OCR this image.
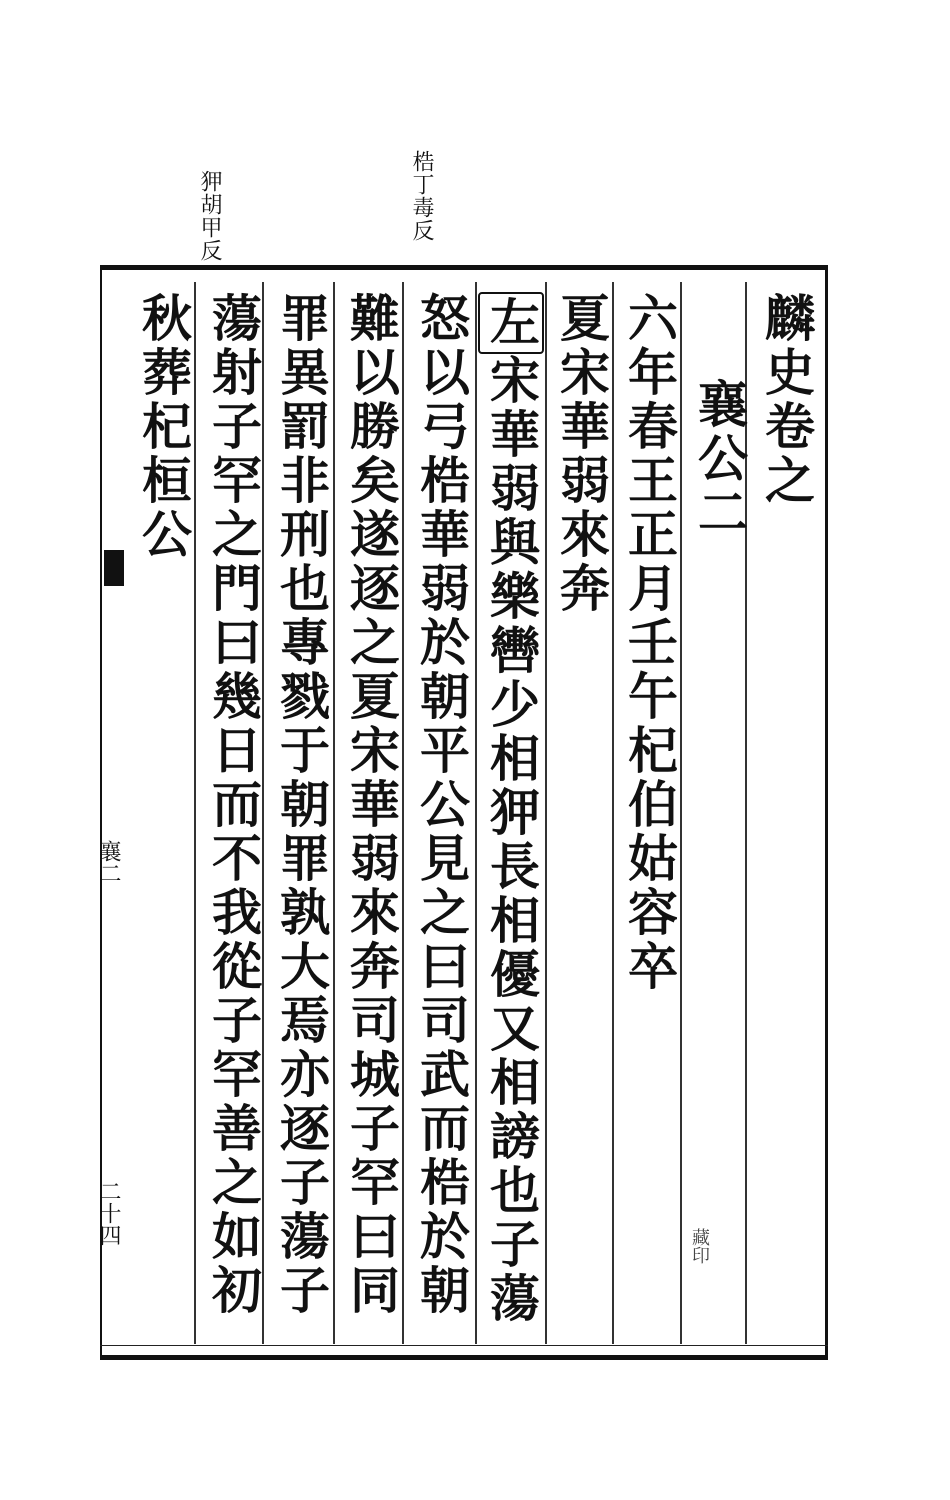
梏丁毒反
狎胡甲反
麟史卷之
襄公二
六年春王正月壬午杞伯姑容卒
夏宋華弱來奔
左宋華弱與樂轡少相狎長相優又相謗也子蕩
怒以弓梏華弱於朝平公見之曰司武而梏於朝
難以勝矣遂逐之夏宋華弱來奔司城子罕曰同
罪異罰非刑也專戮于朝罪孰大焉亦逐子蕩子
蕩射子罕之門曰幾日而不我從子罕善之如初
秋葬杞桓公
襄二
二十四	藏印
